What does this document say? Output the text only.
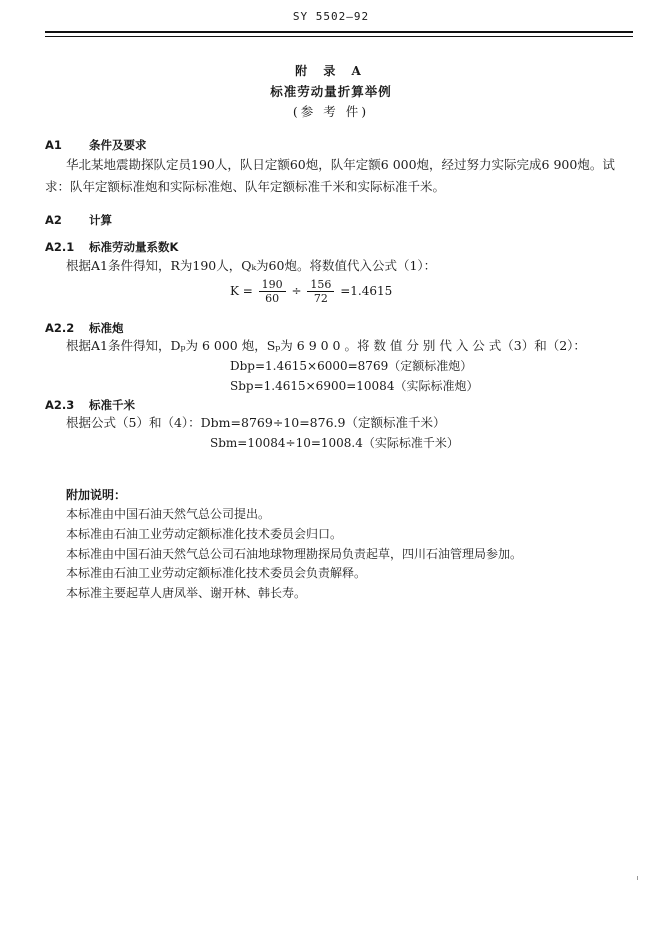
SY 5502—92
附 录 A
标准劳动量折算举例
(参 考 件)
A1 条件及要求
华北某地震勘探队定员190人，队日定额60炮，队年定额6 000炮，经过努力实际完成6 900炮。试
求：队年定额标准炮和实际标准炮、队年定额标准千米和实际标准千米。
A2 计算
A2.1 标准劳动量系数K
根据A1条件得知，R为190人，Qₖ为60炮。将数值代入公式（1）：
$K = \frac{190}{60} \div \frac{156}{72} =1.4615$
A2.2 标准炮
根据A1条件得知，Dₚ为 6 000 炮，Sₚ为 6 9 0 0 。将 数 值 分 别 代 入 公 式（3）和（2）：
Dbp=1.4615×6000=8769（定额标准炮）
Sbp=1.4615×6900=10084（实际标准炮）
A2.3 标准千米
根据公式（5）和（4）：Dbm=8769÷10=876.9（定额标准千米）
Sbm=10084÷10=1008.4（实际标准千米）
附加说明：
本标准由中国石油天然气总公司提出。
本标准由石油工业劳动定额标准化技术委员会归口。
本标准由中国石油天然气总公司石油地球物理勘探局负责起草，四川石油管理局参加。
本标准由石油工业劳动定额标准化技术委员会负责解释。
本标准主要起草人唐凤举、谢开林、韩长寿。
